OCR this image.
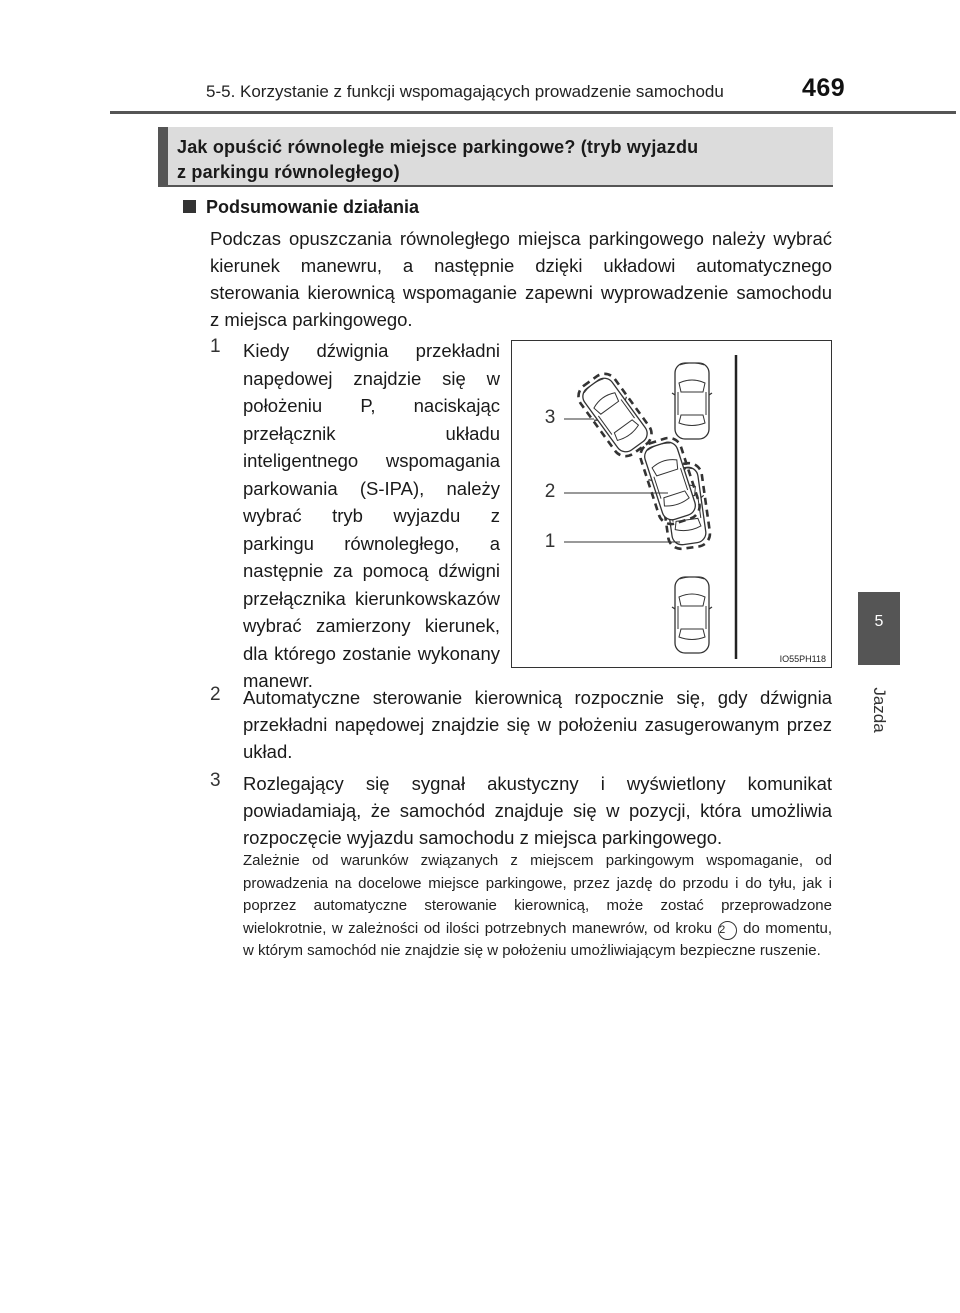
5-5. Korzystanie z funkcji wspomagających prowadzenie samochodu	469
5
Jazda
Jak opuścić równoległe miejsce parkingowe? (tryb wyjazdu
z parkingu równoległego)
Podsumowanie działania
Podczas opuszczania równoległego miejsca parkingowego należy wybrać kierunek manewru, a następnie dzięki układowi automatycznego sterowania kierownicą wspomaganie zapewni wyprowadzenie samochodu z miejsca parkingowego.
1 Kiedy dźwignia przekładni napędowej znajdzie się w położeniu P, naciskając przełącznik układu inteligentnego wspomagania parkowania (S-IPA), należy wybrać tryb wyjazdu z parkingu równoległego, a następnie za pomocą dźwigni przełącznika kierunkowskazów wybrać zamierzony kierunek, dla którego zostanie wykonany manewr.
3
2
1
IO55PH118
2 Automatyczne sterowanie kierownicą rozpocznie się, gdy dźwignia przekładni napędowej znajdzie się w położeniu zasugerowanym przez układ.
3 Rozlegający się sygnał akustyczny i wyświetlony komunikat powiadamiają, że samochód znajduje się w pozycji, która umożliwia rozpoczęcie wyjazdu samochodu z miejsca parkingowego.
Zależnie od warunków związanych z miejscem parkingowym wspomaganie, od prowadzenia na docelowe miejsce parkingowe, przez jazdę do przodu i do tyłu, jak i poprzez automatyczne sterowanie kierownicą, może zostać przeprowadzone wielokrotnie, w zależności od ilości potrzebnych manewrów, od kroku 2 do momentu, w którym samochód nie znajdzie się w położeniu umożliwiającym bezpieczne ruszenie.
